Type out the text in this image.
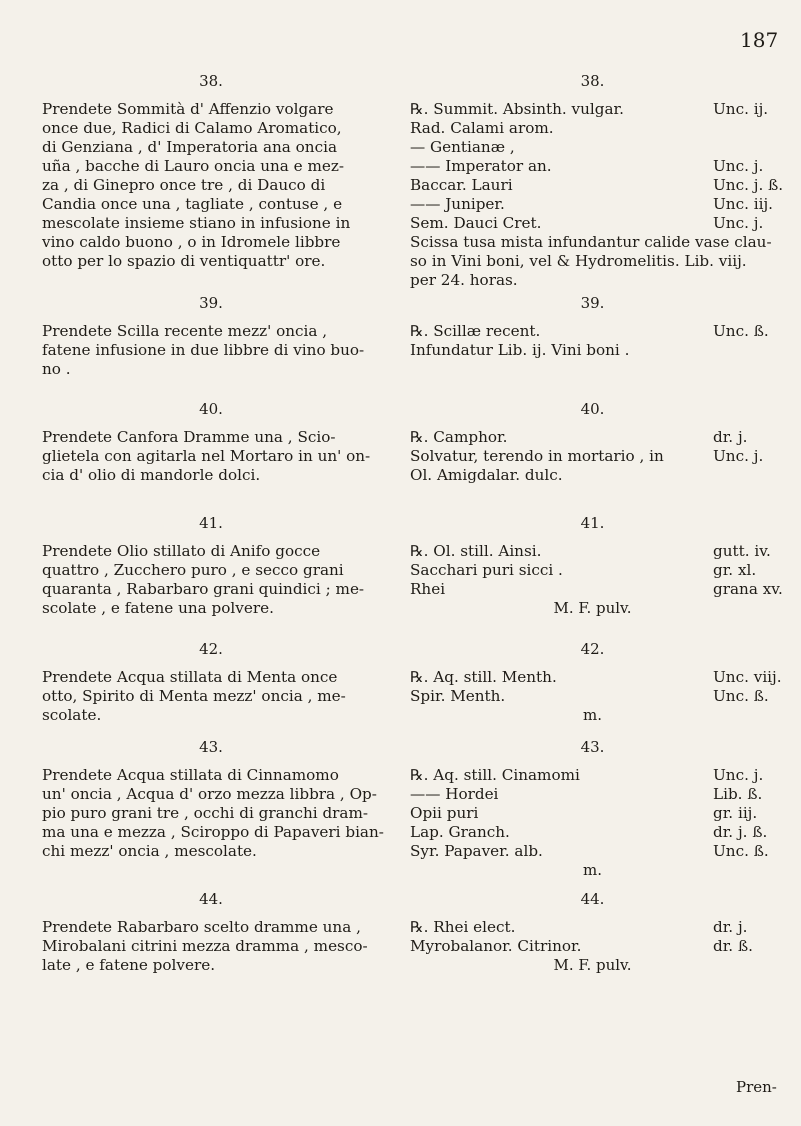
187
38.
Prendete Sommità d' Affenzio volgare
once due, Radici di Calamo Aromatico,
di Genziana , d' Imperatoria ana oncia
uña , bacche di Lauro oncia una e mez-
za , di Ginepro once tre , di Dauco di
Candia once una , tagliate , contuse , e
mescolate insieme stiano in infusione in
vino caldo buono , o in Idromele libbre
otto per lo spazio di ventiquattr' ore.
39.
Prendete Scilla recente mezz' oncia ,
fatene infusione in due libbre di vino buo-
no .
40.
Prendete Canfora Dramme una , Scio-
glietela con agitarla nel Mortaro in un' on-
cia d' olio di mandorle dolci.
41.
Prendete Olio stillato di Anifo gocce
quattro , Zucchero puro , e secco grani
quaranta , Rabarbaro grani quindici ; me-
scolate , e fatene una polvere.
42.
Prendete Acqua stillata di Menta once
otto, Spirito di Menta mezz' oncia , me-
scolate.
43.
Prendete Acqua stillata di Cinnamomo
un' oncia , Acqua d' orzo mezza libbra , Op-
pio puro grani tre , occhi di granchi dram-
ma una e mezza , Sciroppo di Papaveri bian-
chi mezz' oncia , mescolate.
44.
Prendete Rabarbaro scelto dramme una ,
Mirobalani citrini mezza dramma , mesco-
late , e fatene polvere.
38.
℞. Summit. Absinth. vulgar.	Unc. ij.
Rad. Calami arom.
— Gentianæ ,
—— Imperator an.	Unc. j.
Baccar. Lauri	Unc. j. ß.
—— Juniper.	Unc. iij.
Sem. Dauci Cret.	Unc. j.
Scissa tusa mista infundantur calide vase clau-
so in Vini boni, vel & Hydromelitis. Lib. viij.
per 24. horas.
39.
℞. Scillæ recent.	Unc. ß.
Infundatur Lib. ij. Vini boni .
40.
℞. Camphor.	dr. j.
Solvatur, terendo in mortario , in	Unc. j.
Ol. Amigdalar. dulc.
41.
℞. Ol. still. Ainsi.	gutt. iv.
Sacchari puri sicci .	gr. xl.
Rhei	grana xv.
M. F. pulv.
42.
℞. Aq. still. Menth.	Unc. viij.
Spir. Menth.	Unc. ß.
m.
43.
℞. Aq. still. Cinamomi	Unc. j.
—— Hordei	Lib. ß.
Opii puri	gr. iij.
Lap. Granch.	dr. j. ß.
Syr. Papaver. alb.	Unc. ß.
m.
44.
℞. Rhei elect.	dr. j.
Myrobalanor. Citrinor.	dr. ß.
M. F. pulv.
Pren-
